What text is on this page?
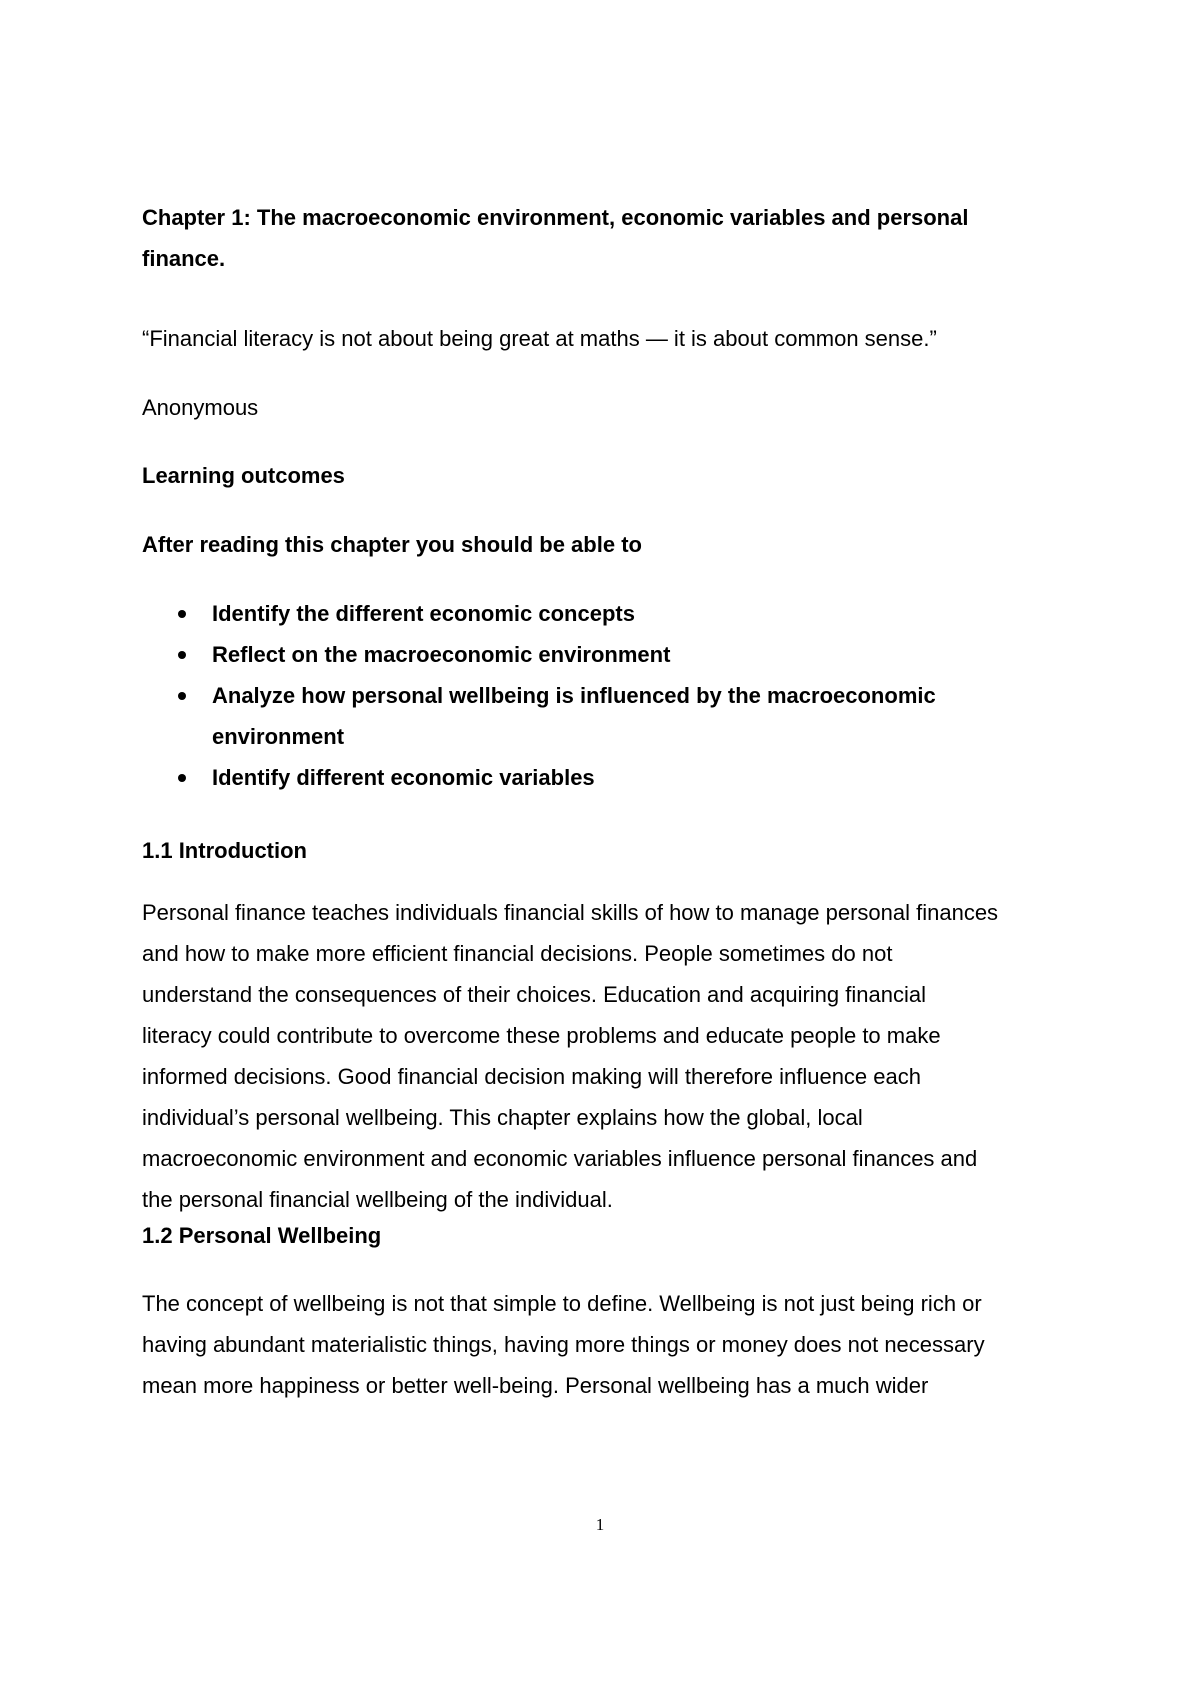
Chapter 1: The macroeconomic environment, economic variables and personal
finance.

“Financial literacy is not about being great at maths — it is about common sense.”

Anonymous

Learning outcomes

After reading this chapter you should be able to

Identify the different economic concepts
Reflect on the macroeconomic environment
Analyze how personal wellbeing is influenced by the macroeconomic
environment
Identify different economic variables
1.1 Introduction
Personal finance teaches individuals financial skills of how to manage personal finances
and how to make more efficient financial decisions. People sometimes do not
understand the consequences of their choices. Education and acquiring financial
literacy could contribute to overcome these problems and educate people to make
informed decisions. Good financial decision making will therefore influence each
individual’s personal wellbeing. This chapter explains how the global, local
macroeconomic environment and economic variables influence personal finances and
the personal financial wellbeing of the individual.
1.2 Personal Wellbeing
The concept of wellbeing is not that simple to define. Wellbeing is not just being rich or
having abundant materialistic things, having more things or money does not necessary
mean more happiness or better well-being. Personal wellbeing has a much wider
1
